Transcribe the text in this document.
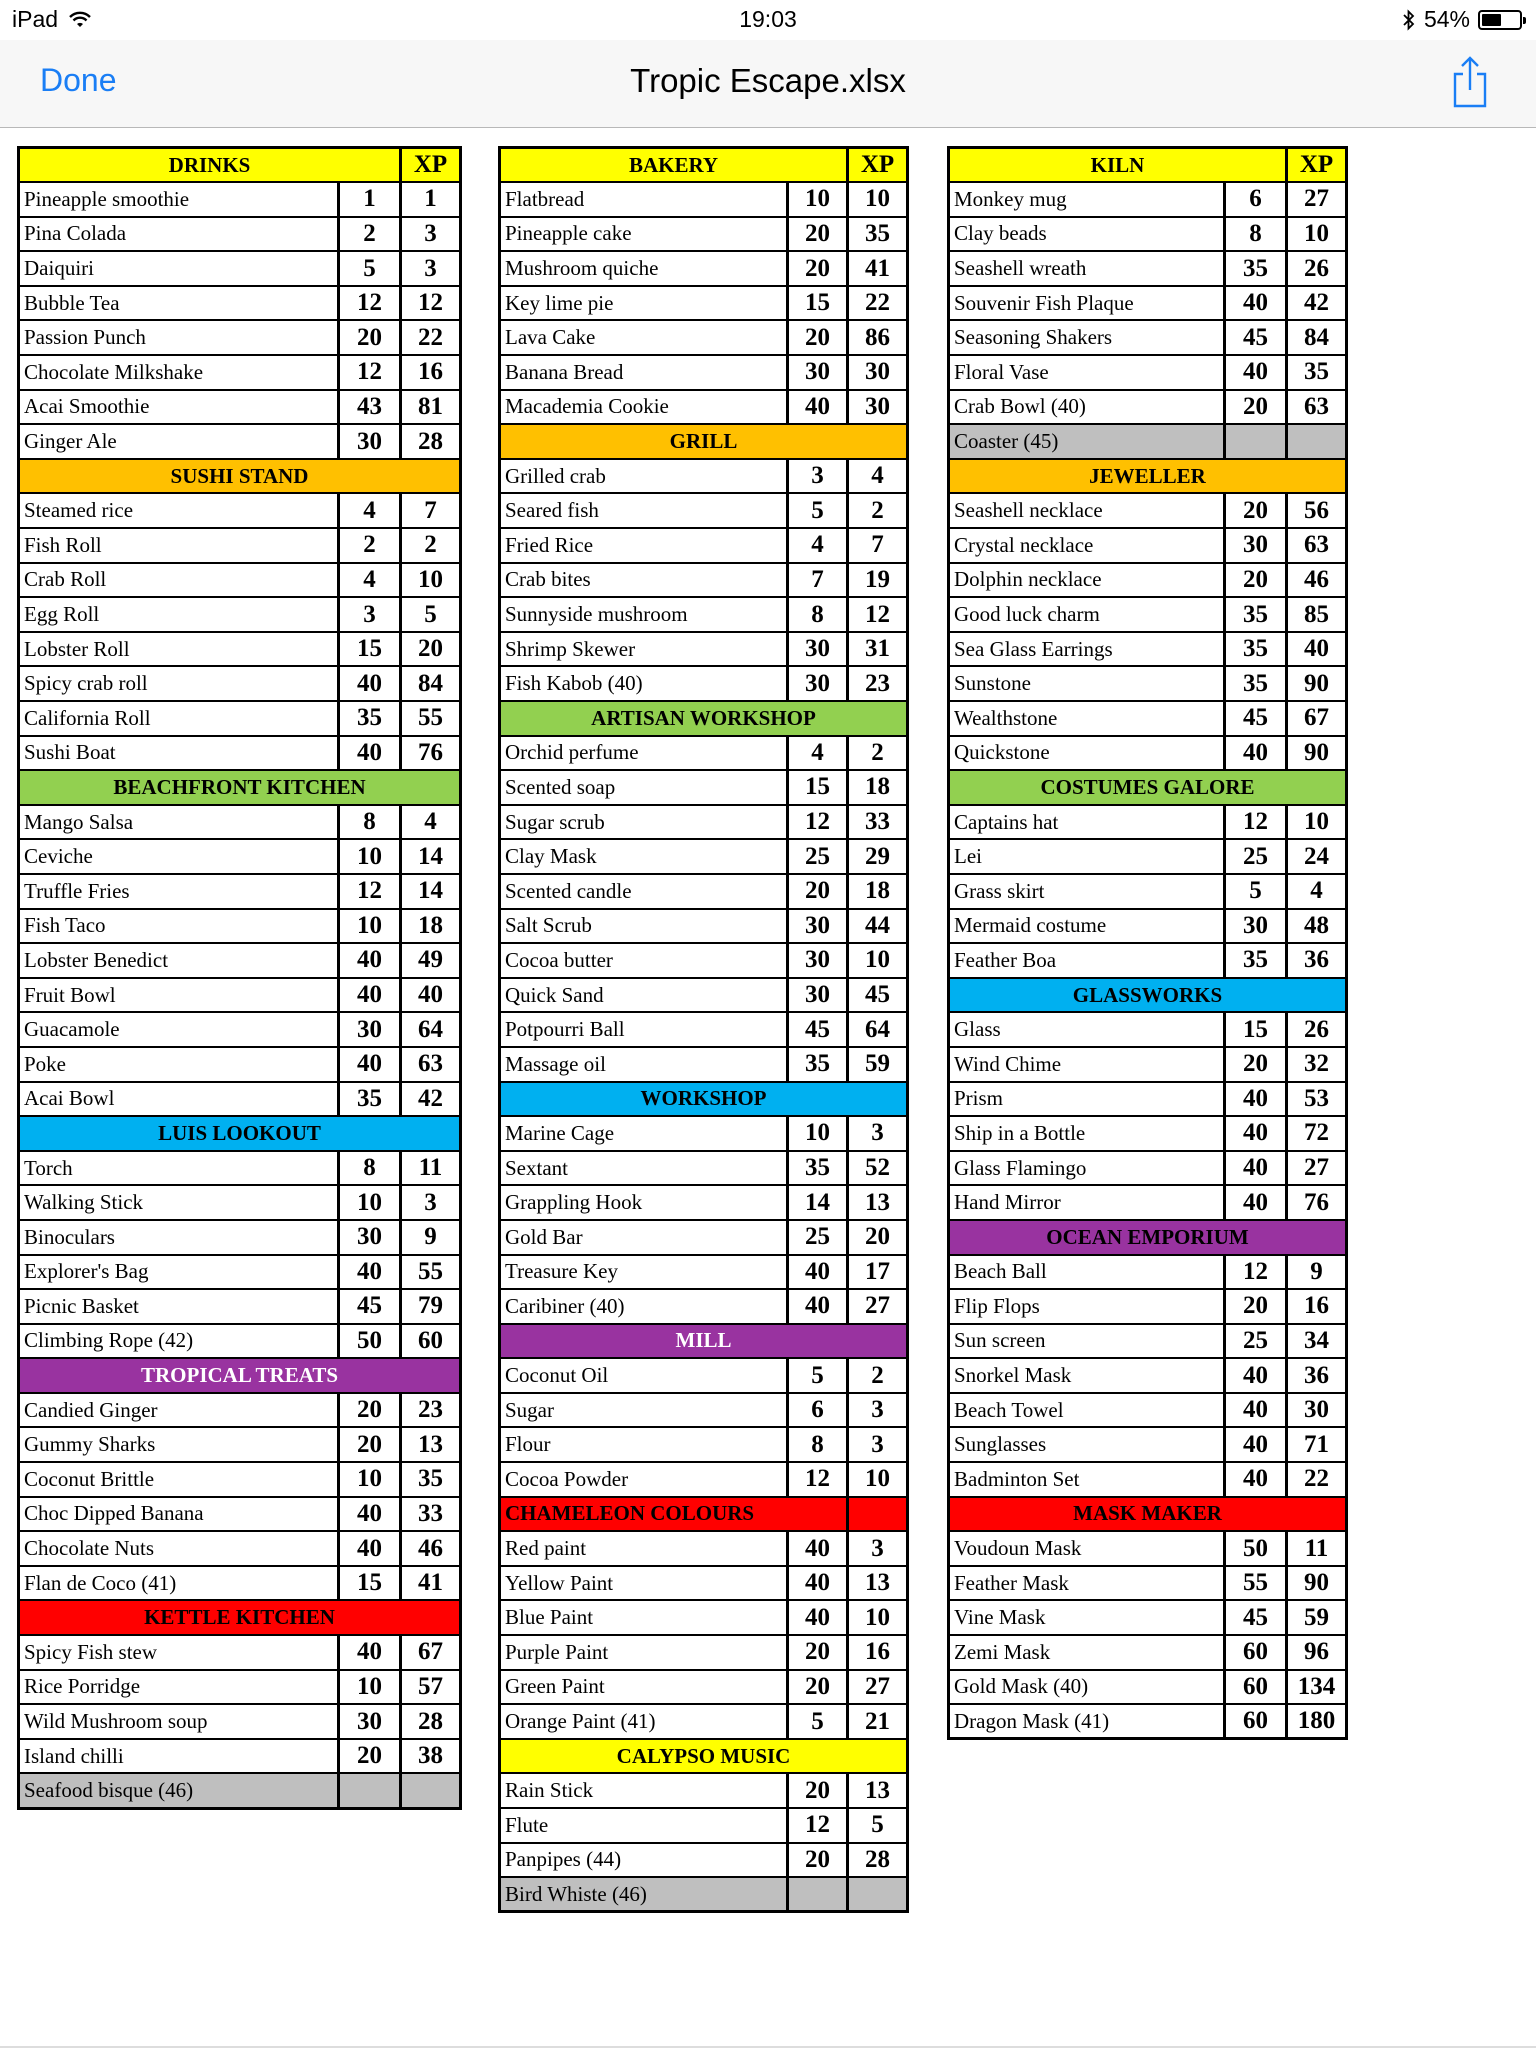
iPad	19:03	54%
Done	Tropic Escape.xlsx
DRINKS		XP
Pineapple smoothie	1	1
Pina Colada	2	3
Daiquiri	5	3
Bubble Tea	12	12
Passion Punch	20	22
Chocolate Milkshake	12	16
Acai Smoothie	43	81
Ginger Ale	30	28
SUSHI STAND		
Steamed rice	4	7
Fish Roll	2	2
Crab Roll	4	10
Egg Roll	3	5
Lobster Roll	15	20
Spicy crab roll	40	84
California Roll	35	55
Sushi Boat	40	76
BEACHFRONT KITCHEN		
Mango Salsa	8	4
Ceviche	10	14
Truffle Fries	12	14
Fish Taco	10	18
Lobster Benedict	40	49
Fruit Bowl	40	40
Guacamole	30	64
Poke	40	63
Acai Bowl	35	42
LUIS LOOKOUT		
Torch	8	11
Walking Stick	10	3
Binoculars	30	9
Explorer's Bag	40	55
Picnic Basket	45	79
Climbing Rope (42)	50	60
TROPICAL TREATS		
Candied Ginger	20	23
Gummy Sharks	20	13
Coconut Brittle	10	35
Choc Dipped Banana	40	33
Chocolate Nuts	40	46
Flan de Coco (41)	15	41
KETTLE KITCHEN		
Spicy Fish stew	40	67
Rice Porridge	10	57
Wild Mushroom soup	30	28
Island chilli	20	38
Seafood bisque (46)		
BAKERY		XP
Flatbread	10	10
Pineapple cake	20	35
Mushroom quiche	20	41
Key lime pie	15	22
Lava Cake	20	86
Banana Bread	30	30
Macademia Cookie	40	30
GRILL		
Grilled crab	3	4
Seared fish	5	2
Fried Rice	4	7
Crab bites	7	19
Sunnyside mushroom	8	12
Shrimp Skewer	30	31
Fish Kabob (40)	30	23
ARTISAN WORKSHOP		
Orchid perfume	4	2
Scented soap	15	18
Sugar scrub	12	33
Clay Mask	25	29
Scented candle	20	18
Salt Scrub	30	44
Cocoa butter	30	10
Quick Sand	30	45
Potpourri Ball	45	64
Massage oil	35	59
WORKSHOP		
Marine Cage	10	3
Sextant	35	52
Grappling Hook	14	13
Gold Bar	25	20
Treasure Key	40	17
Caribiner (40)	40	27
MILL		
Coconut Oil	5	2
Sugar	6	3
Flour	8	3
Cocoa Powder	12	10
CHAMELEON COLOURS		
Red paint	40	3
Yellow Paint	40	13
Blue Paint	40	10
Purple Paint	20	16
Green Paint	20	27
Orange Paint (41)	5	21
CALYPSO MUSIC		
Rain Stick	20	13
Flute	12	5
Panpipes (44)	20	28
Bird Whiste (46)		
KILN		XP
Monkey mug	6	27
Clay beads	8	10
Seashell wreath	35	26
Souvenir Fish Plaque	40	42
Seasoning Shakers	45	84
Floral Vase	40	35
Crab Bowl (40)	20	63
Coaster (45)		
JEWELLER		
Seashell necklace	20	56
Crystal necklace	30	63
Dolphin necklace	20	46
Good luck charm	35	85
Sea Glass Earrings	35	40
Sunstone	35	90
Wealthstone	45	67
Quickstone	40	90
COSTUMES GALORE		
Captains hat	12	10
Lei	25	24
Grass skirt	5	4
Mermaid costume	30	48
Feather Boa	35	36
GLASSWORKS		
Glass	15	26
Wind Chime	20	32
Prism	40	53
Ship in a Bottle	40	72
Glass Flamingo	40	27
Hand Mirror	40	76
OCEAN EMPORIUM		
Beach Ball	12	9
Flip Flops	20	16
Sun screen	25	34
Snorkel Mask	40	36
Beach Towel	40	30
Sunglasses	40	71
Badminton Set	40	22
MASK MAKER		
Voudoun Mask	50	11
Feather Mask	55	90
Vine Mask	45	59
Zemi Mask	60	96
Gold Mask (40)	60	134
Dragon Mask (41)	60	180
